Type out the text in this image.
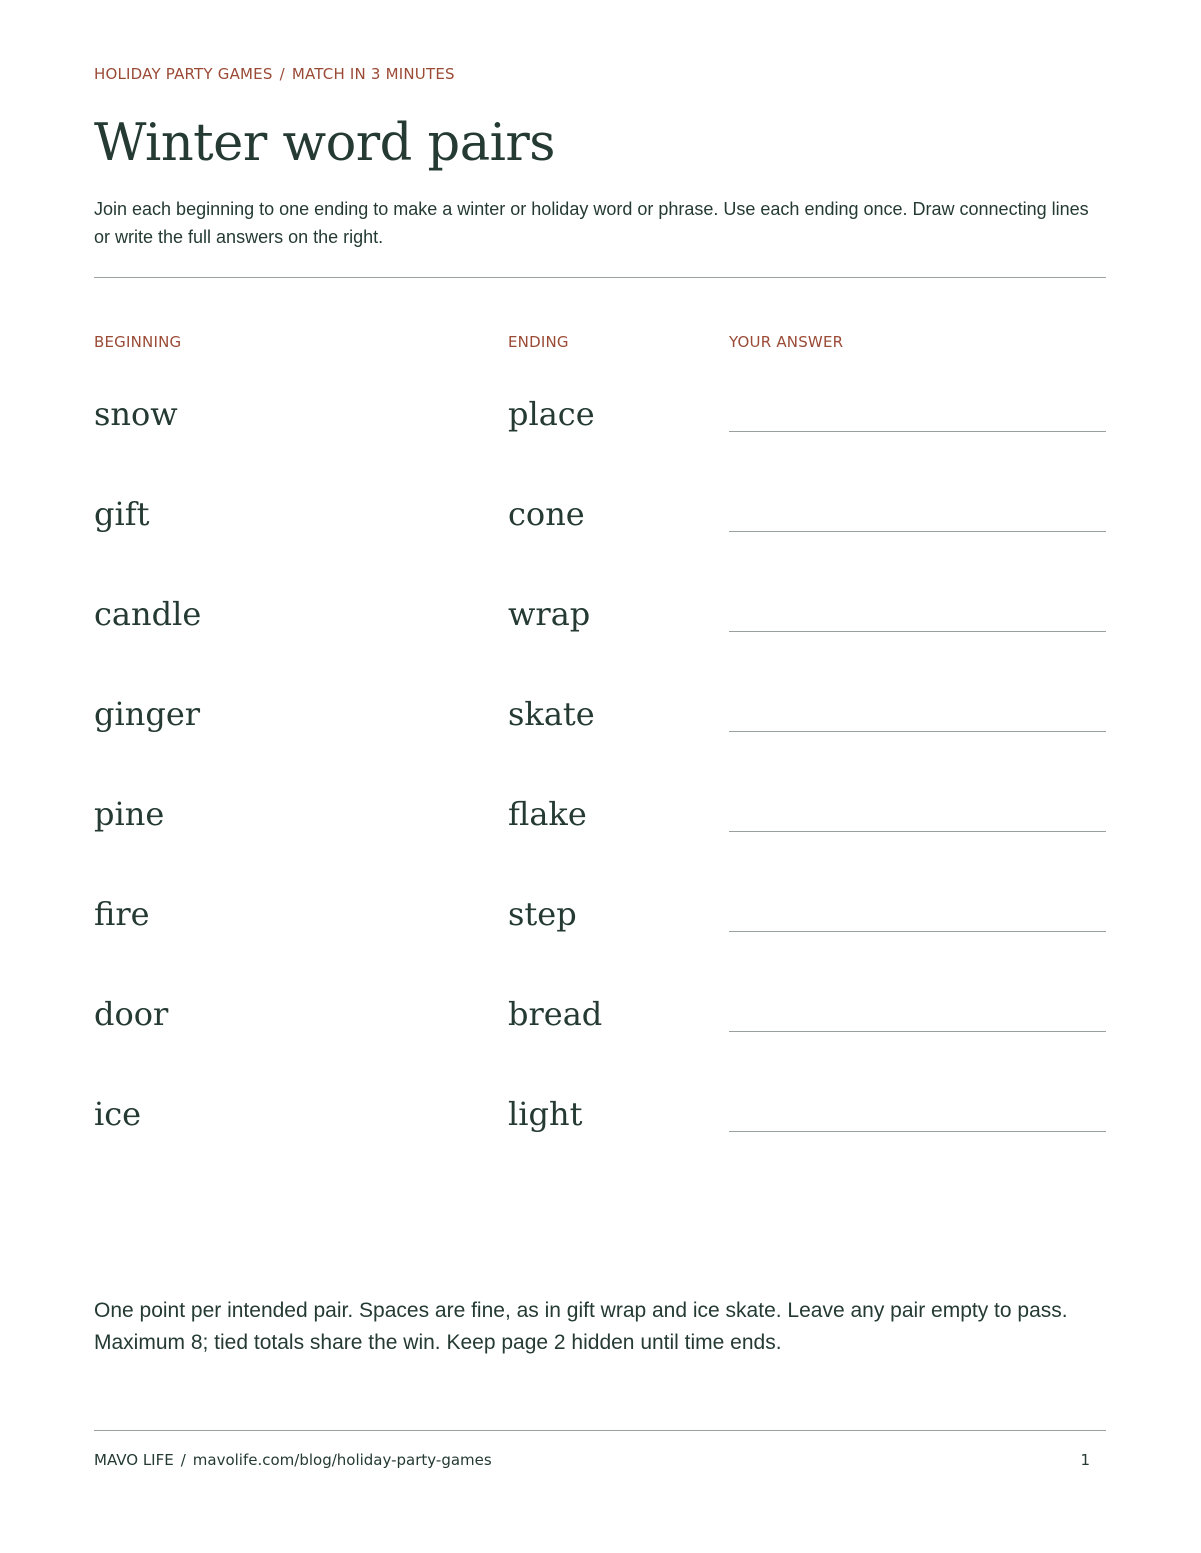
HOLIDAY PARTY GAMES / MATCH IN 3 MINUTES
Winter word pairs

Join each beginning to one ending to make a winter or holiday word or phrase. Use each ending once. Draw connecting lines or write the full answers on the right.

BEGINNING	ENDING	YOUR ANSWER
snow	place
gift	cone
candle	wrap
ginger	skate
pine	flake
fire	step
door	bread
ice	light

One point per intended pair. Spaces are fine, as in gift wrap and ice skate. Leave any pair empty to pass. Maximum 8; tied totals share the win. Keep page 2 hidden until time ends.

MAVO LIFE / mavolife.com/blog/holiday-party-games	1
